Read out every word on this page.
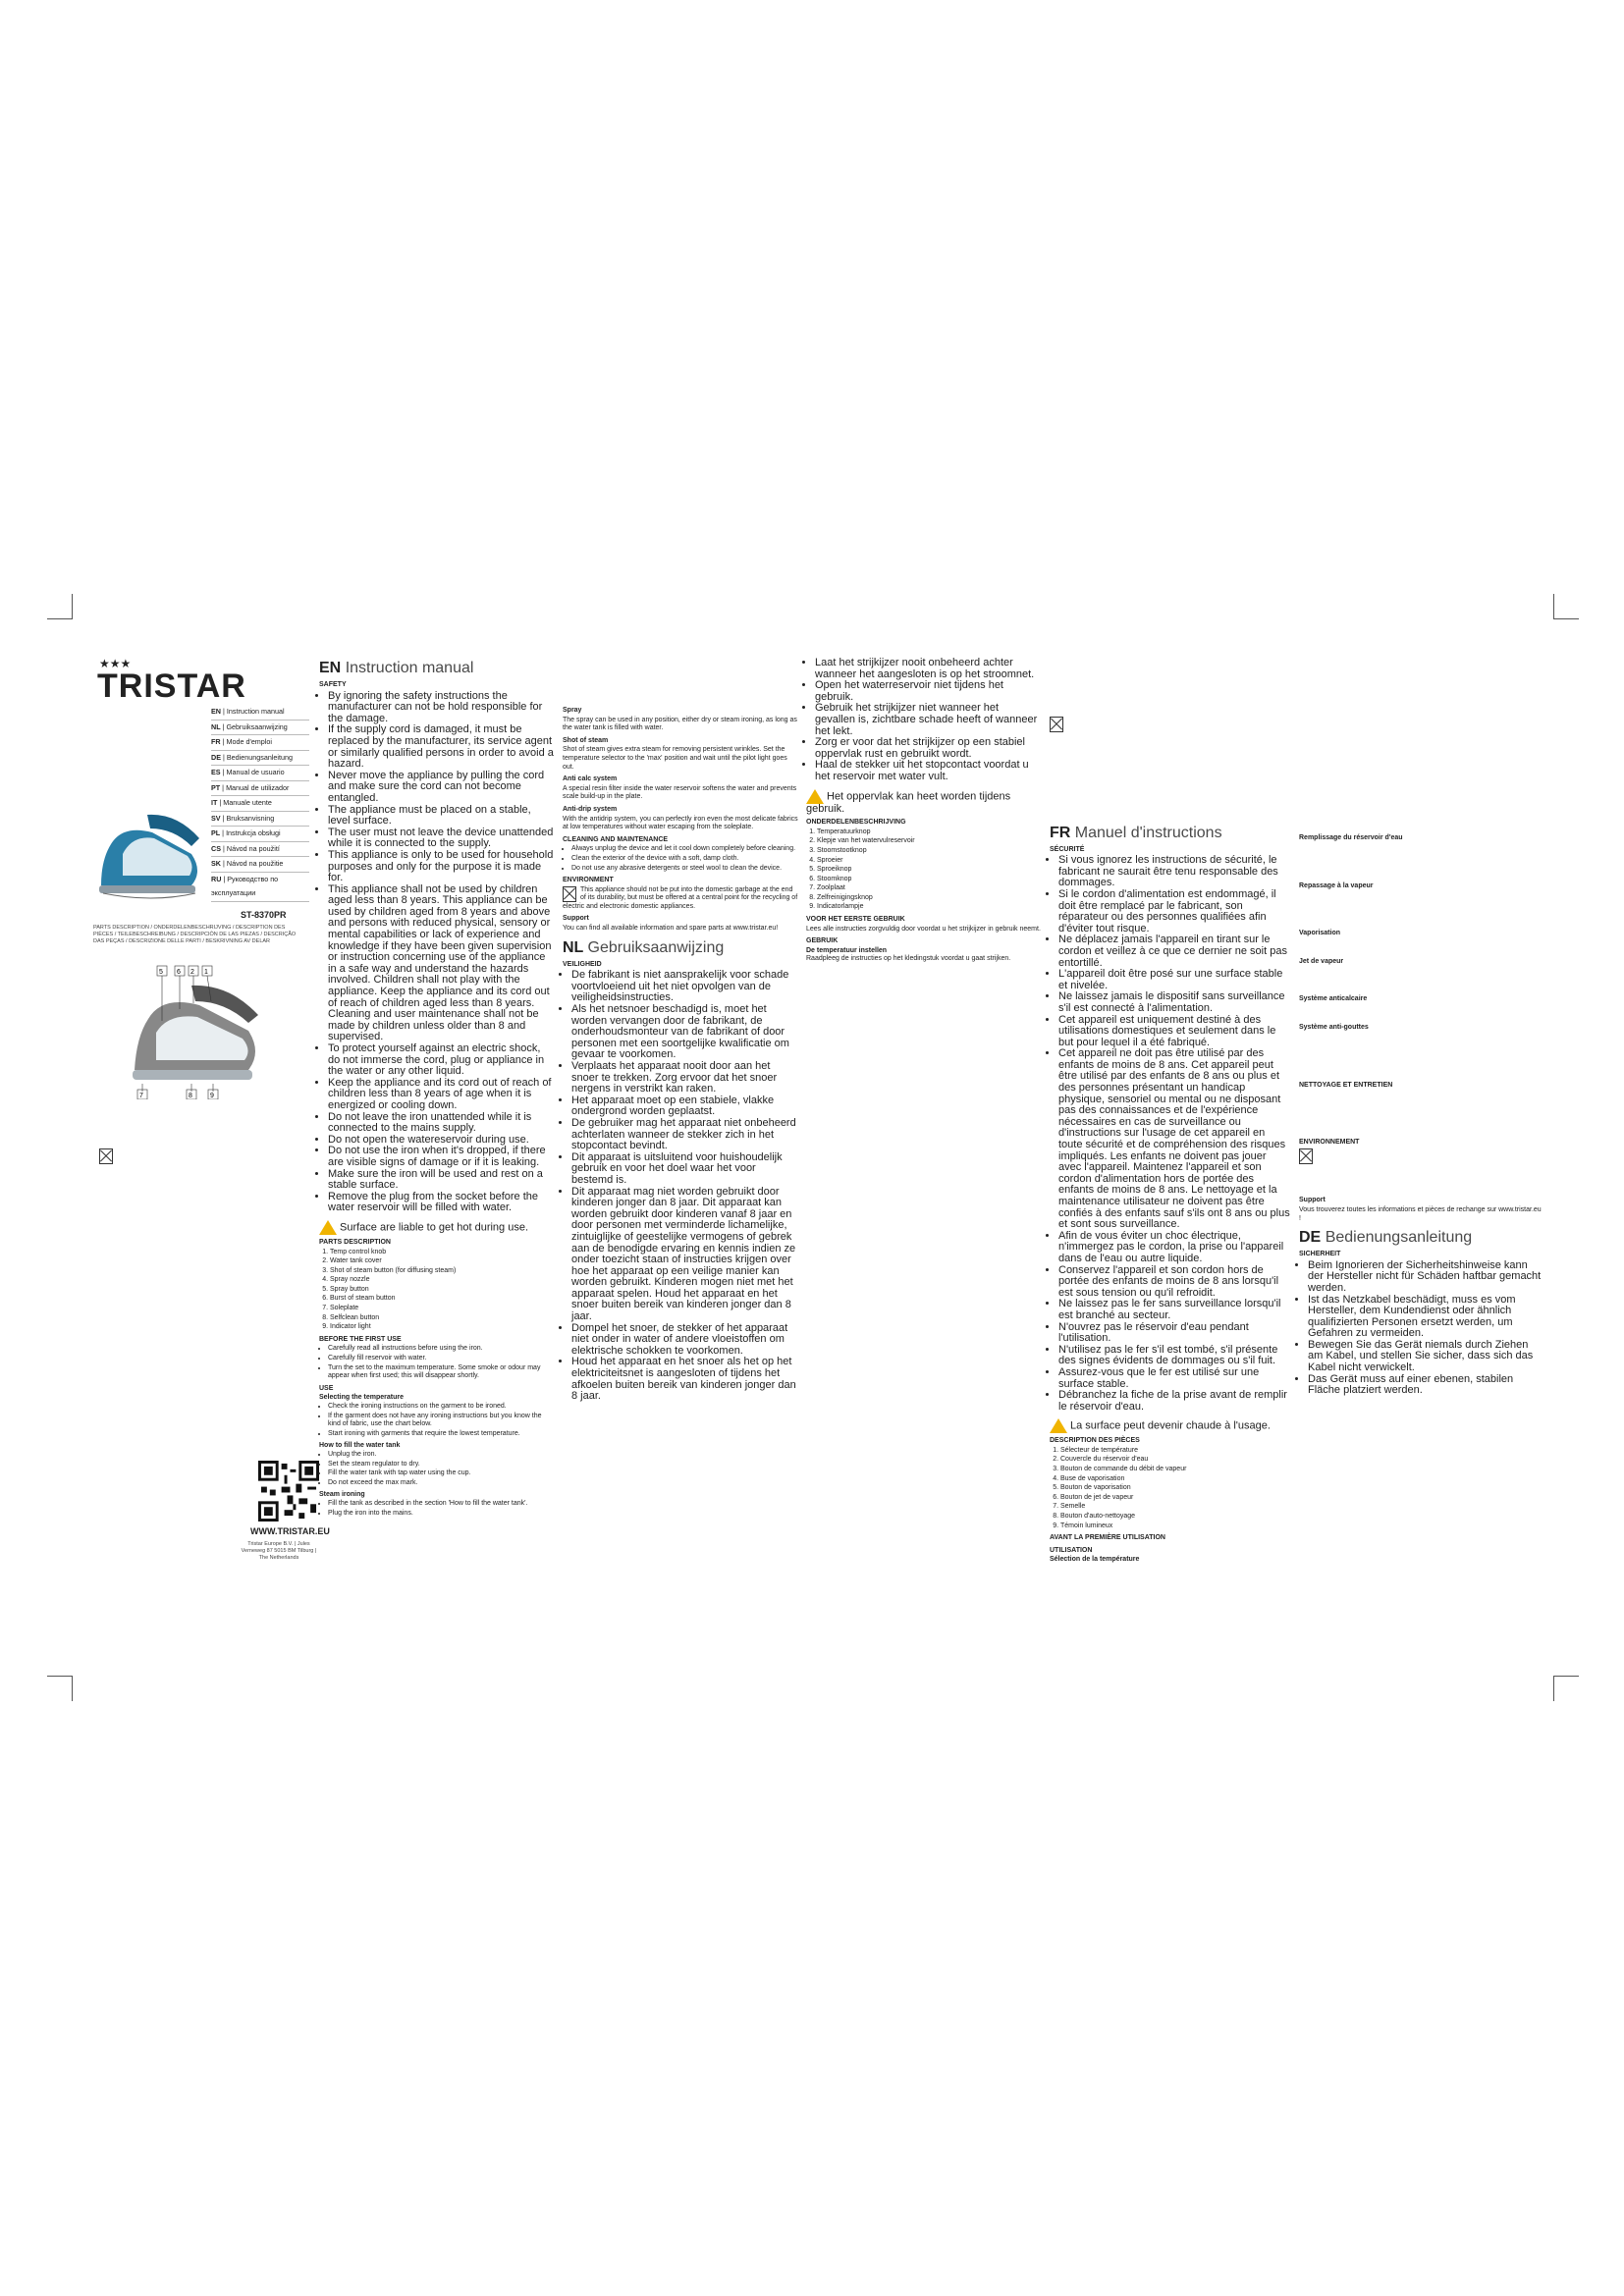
★★★
TRISTAR
EN | Instruction manual
NL | Gebruiksaanwijzing
FR | Mode d'emploi
DE | Bedienungsanleitung
ES | Manual de usuario
PT | Manual de utilizador
IT | Manuale utente
SV | Bruksanvisning
PL | Instrukcja obsługi
CS | Návod na použití
SK | Návod na použitie
RU | Руководство по эксплуатации
ST-8370PR
PARTS DESCRIPTION / ONDERDELENBESCHRIJVING / DESCRIPTION DES PIÈCES / TEILEBESCHREIBUNG / DESCRIPCIÓN DE LAS PIEZAS / DESCRIÇÃO DAS PEÇAS / DESCRIZIONE DELLE PARTI / BESKRIVNING AV DELAR
5 6 2 1
7	8	9
WWW.TRISTAR.EU
Tristar Europe B.V. | Jules Verneweg 87 5015 BM Tilburg | The Netherlands
EN Instruction manual
SAFETY
• By ignoring the safety instructions the manufacturer can not be hold responsible for the damage.
• If the supply cord is damaged, it must be replaced by the manufacturer, its service agent or similarly qualified persons in order to avoid a hazard.
• Never move the appliance by pulling the cord and make sure the cord can not become entangled.
• The appliance must be placed on a stable, level surface.
• The user must not leave the device unattended while it is connected to the supply.
• This appliance is only to be used for household purposes and only for the purpose it is made for.
• This appliance shall not be used by children aged less than 8 years. This appliance can be used by children aged from 8 years and above and persons with reduced physical, sensory or mental capabilities or lack of experience and knowledge if they have been given supervision or instruction concerning use of the appliance in a safe way and understand the hazards involved. Children shall not play with the appliance. Keep the appliance and its cord out of reach of children aged less than 8 years. Cleaning and user maintenance shall not be made by children unless older than 8 and supervised.
• To protect yourself against an electric shock, do not immerse the cord, plug or appliance in the water or any other liquid.
• Keep the appliance and its cord out of reach of children less than 8 years of age when it is energized or cooling down.
• Do not leave the iron unattended while it is connected to the mains supply.
• Do not open the watereservoir during use.
• Do not use the iron when it's dropped, if there are visible signs of damage or if it is leaking.
• Make sure the iron will be used and rest on a stable surface.
• Remove the plug from the socket before the water reservoir will be filled with water.

Surface are liable to get hot during use.

PARTS DESCRIPTION
1. Temp control knob
2. Water tank cover
3. Shot of steam button (for diffusing steam)
4. Spray nozzle
5. Spray button
6. Burst of steam button
7. Soleplate
8. Selfclean button
9. Indicator light
BEFORE THE FIRST USE
• Carefully read all instructions before using the iron.
• Carefully fill reservoir with water.
• Turn the set to the maximum temperature. Some smoke or odour may appear when first used; this will disappear shortly.
USE
Selecting the temperature
• Check the ironing instructions on the garment to be ironed.
• If the garment does not have any ironing instructions but you know the kind of fabric, use the chart below.
• Start ironing with garments that require the lowest temperature.
How to fill the water tank
• Unplug the iron.
• Set the steam regulator to dry.
• Fill the water tank with tap water using the cup.
• Do not exceed the max mark.
Steam ironing
• Fill the tank as described in the section 'How to fill the water tank'.
• Plug the iron into the mains.
Spray

The spray can be used in any position, either dry or steam ironing, as long as the water tank is filled with water.

Shot of steam

Shot of steam gives extra steam for removing persistent wrinkles. Set the temperature selector to the 'max' position and wait until the pilot light goes out.

Anti calc system

A special resin filter inside the water reservoir softens the water and prevents scale build-up in the plate.

Anti-drip system

With the antidrip system, you can perfectly iron even the most delicate fabrics at low temperatures without water escaping from the soleplate.

CLEANING AND MAINTENANCE
• Always unplug the device and let it cool down completely before cleaning.
• Clean the exterior of the device with a soft, damp cloth.
• Do not use any abrasive detergents or steel wool to clean the device.
ENVIRONMENT

This appliance should not be put into the domestic garbage at the end of its durability, but must be offered at a central point for the recycling of electric and electronic domestic appliances.

Support

You can find all available information and spare parts at www.tristar.eu!

NL Gebruiksaanwijzing
VEILIGHEID
• De fabrikant is niet aansprakelijk voor schade voortvloeiend uit het niet opvolgen van de veiligheidsinstructies.
• Als het netsnoer beschadigd is, moet het worden vervangen door de fabrikant, de onderhoudsmonteur van de fabrikant of door personen met een soortgelijke kwalificatie om gevaar te voorkomen.
• Verplaats het apparaat nooit door aan het snoer te trekken. Zorg ervoor dat het snoer nergens in verstrikt kan raken.
• Het apparaat moet op een stabiele, vlakke ondergrond worden geplaatst.
• De gebruiker mag het apparaat niet onbeheerd achterlaten wanneer de stekker zich in het stopcontact bevindt.
• Dit apparaat is uitsluitend voor huishoudelijk gebruik en voor het doel waar het voor bestemd is.
• Dit apparaat mag niet worden gebruikt door kinderen jonger dan 8 jaar. Dit apparaat kan worden gebruikt door kinderen vanaf 8 jaar en door personen met verminderde lichamelijke, zintuiglijke of geestelijke vermogens of gebrek aan de benodigde ervaring en kennis indien ze onder toezicht staan of instructies krijgen over hoe het apparaat op een veilige manier kan worden gebruikt. Kinderen mogen niet met het apparaat spelen. Houd het apparaat en het snoer buiten bereik van kinderen jonger dan 8 jaar.
• Dompel het snoer, de stekker of het apparaat niet onder in water of andere vloeistoffen om elektrische schokken te voorkomen.
• Houd het apparaat en het snoer als het op het elektriciteitsnet is aangesloten of tijdens het afkoelen buiten bereik van kinderen jonger dan 8 jaar.
• Laat het strijkijzer nooit onbeheerd achter wanneer het aangesloten is op het stroomnet.
• Open het waterreservoir niet tijdens het gebruik.
• Gebruik het strijkijzer niet wanneer het gevallen is, zichtbare schade heeft of wanneer het lekt.
• Zorg er voor dat het strijkijzer op een stabiel oppervlak rust en gebruikt wordt.
• Haal de stekker uit het stopcontact voordat u het reservoir met water vult.

Het oppervlak kan heet worden tijdens gebruik.

ONDERDELENBESCHRIJVING
1. Temperatuurknop
2. Klepje van het watervulreservoir
3. Stoomstootknop
4. Sproeier
5. Sproeiknop
6. Stoomknop
7. Zoolplaat
8. Zelfreinigingsknop
9. Indicatorlampje
VOOR HET EERSTE GEBRUIK

Lees alle instructies zorgvuldig door voordat u het strijkijzer in gebruik neemt.

GEBRUIK
De temperatuur instellen

Raadpleeg de instructies op het kledingstuk voordat u gaat strijken.

FR Manuel d'instructions
SÉCURITÉ
• Si vous ignorez les instructions de sécurité, le fabricant ne saurait être tenu responsable des dommages.
• Si le cordon d'alimentation est endommagé, il doit être remplacé par le fabricant, son réparateur ou des personnes qualifiées afin d'éviter tout risque.
• Ne déplacez jamais l'appareil en tirant sur le cordon et veillez à ce que ce dernier ne soit pas entortillé.
• L'appareil doit être posé sur une surface stable et nivelée.
• Ne laissez jamais le dispositif sans surveillance s'il est connecté à l'alimentation.
• Cet appareil est uniquement destiné à des utilisations domestiques et seulement dans le but pour lequel il a été fabriqué.
• Cet appareil ne doit pas être utilisé par des enfants de moins de 8 ans. Cet appareil peut être utilisé par des enfants de 8 ans ou plus et des personnes présentant un handicap physique, sensoriel ou mental ou ne disposant pas des connaissances et de l'expérience nécessaires en cas de surveillance ou d'instructions sur l'usage de cet appareil en toute sécurité et de compréhension des risques impliqués. Les enfants ne doivent pas jouer avec l'appareil. Maintenez l'appareil et son cordon d'alimentation hors de portée des enfants de moins de 8 ans. Le nettoyage et la maintenance utilisateur ne doivent pas être confiés à des enfants sauf s'ils ont 8 ans ou plus et sont sous surveillance.
• Afin de vous éviter un choc électrique, n'immergez pas le cordon, la prise ou l'appareil dans de l'eau ou autre liquide.
• Conservez l'appareil et son cordon hors de portée des enfants de moins de 8 ans lorsqu'il est sous tension ou qu'il refroidit.
• Ne laissez pas le fer sans surveillance lorsqu'il est branché au secteur.
• N'ouvrez pas le réservoir d'eau pendant l'utilisation.
• N'utilisez pas le fer s'il est tombé, s'il présente des signes évidents de dommages ou s'il fuit.
• Assurez-vous que le fer est utilisé sur une surface stable.
• Débranchez la fiche de la prise avant de remplir le réservoir d'eau.

La surface peut devenir chaude à l'usage.

DESCRIPTION DES PIÈCES
1. Sélecteur de température
2. Couvercle du réservoir d'eau
3. Bouton de commande du débit de vapeur
4. Buse de vaporisation
5. Bouton de vaporisation
6. Bouton de jet de vapeur
7. Semelle
8. Bouton d'auto-nettoyage
9. Témoin lumineux
AVANT LA PREMIÈRE UTILISATION
UTILISATION
Sélection de la température
Remplissage du réservoir d'eau
Repassage à la vapeur
Vaporisation
Jet de vapeur
Système anticalcaire
Système anti-gouttes
NETTOYAGE ET ENTRETIEN
ENVIRONNEMENT
Support

Vous trouverez toutes les informations et pièces de rechange sur www.tristar.eu !

DE Bedienungsanleitung
SICHERHEIT
• Beim Ignorieren der Sicherheitshinweise kann der Hersteller nicht für Schäden haftbar gemacht werden.
• Ist das Netzkabel beschädigt, muss es vom Hersteller, dem Kundendienst oder ähnlich qualifizierten Personen ersetzt werden, um Gefahren zu vermeiden.
• Bewegen Sie das Gerät niemals durch Ziehen am Kabel, und stellen Sie sicher, dass sich das Kabel nicht verwickelt.
• Das Gerät muss auf einer ebenen, stabilen Fläche platziert werden.
